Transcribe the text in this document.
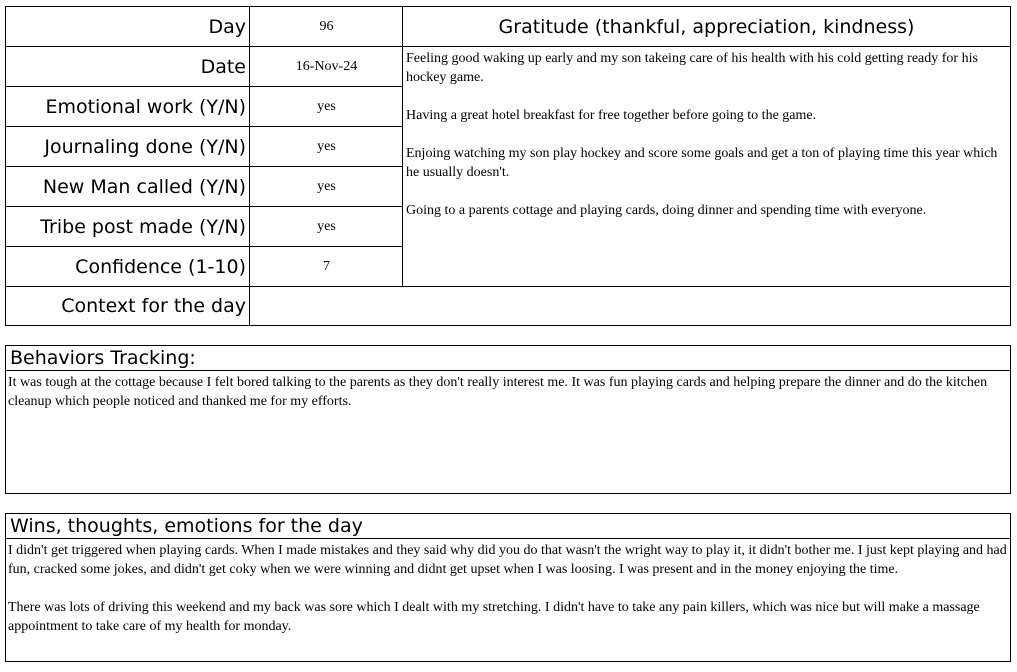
Day	96
Date	16-Nov-24
Emotional work (Y/N)	yes
Journaling done (Y/N)	yes
New Man called (Y/N)	yes
Tribe post made (Y/N)	yes
Confidence (1-10)	7
Gratitude (thankful, appreciation, kindness)

Feeling good waking up early and my son takeing care of his health with his cold getting ready for his hockey game.

Having a great hotel breakfast for free together before going to the game.

Enjoing watching my son play hockey and score some goals and get a ton of playing time this year which he usually doesn't.

Going to a parents cottage and playing cards, doing dinner and spending time with everyone.

Context for the day
Behaviors Tracking:

It was tough at the cottage because I felt bored talking to the parents as they don't really interest me. It was fun playing cards and helping prepare the dinner and do the kitchen cleanup which people noticed and thanked me for my efforts.

Wins, thoughts, emotions for the day

I didn't get triggered when playing cards. When I made mistakes and they said why did you do that wasn't the wright way to play it, it didn't bother me. I just kept playing and had fun, cracked some jokes, and didn't get coky when we were winning and didnt get upset when I was loosing. I was present and in the money enjoying the time.

There was lots of driving this weekend and my back was sore which I dealt with my stretching. I didn't have to take any pain killers, which was nice but will make a massage appointment to take care of my health for monday.
